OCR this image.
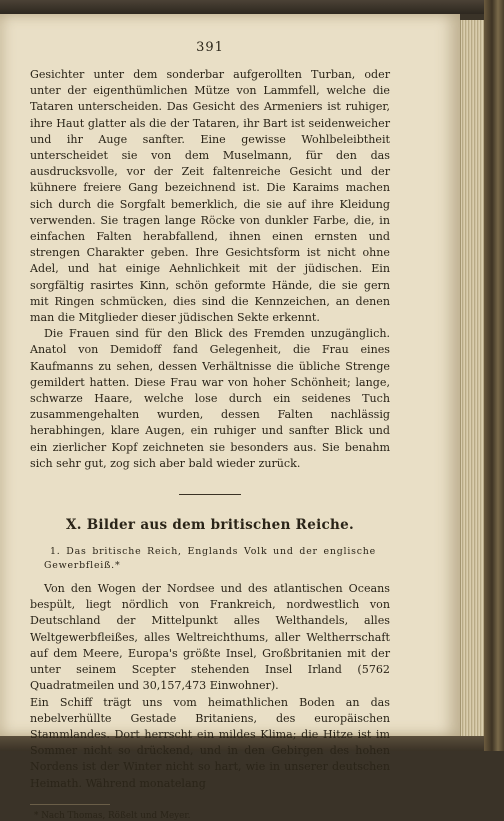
391

Gesichter unter dem sonderbar aufgerollten Turban, oder unter der eigenthümlichen Mütze von Lammfell, welche die Tataren unterscheiden. Das Gesicht des Armeniers ist ruhiger, ihre Haut glatter als die der Tataren, ihr Bart ist seidenweicher und ihr Auge sanfter. Eine gewisse Wohlbeleibtheit unterscheidet sie von dem Muselmann, für den das ausdrucksvolle, vor der Zeit faltenreiche Gesicht und der kühnere freiere Gang bezeichnend ist. Die Karaims machen sich durch die Sorgfalt bemerklich, die sie auf ihre Kleidung verwenden. Sie tragen lange Röcke von dunkler Farbe, die, in einfachen Falten herabfallend, ihnen einen ernsten und strengen Charakter geben. Ihre Gesichtsform ist nicht ohne Adel, und hat einige Aehnlichkeit mit der jüdischen. Ein sorgfältig rasirtes Kinn, schön geformte Hände, die sie gern mit Ringen schmücken, dies sind die Kennzeichen, an denen man die Mitglieder dieser jüdischen Sekte erkennt.

Die Frauen sind für den Blick des Fremden unzugänglich. Anatol von Demidoff fand Gelegenheit, die Frau eines Kaufmanns zu sehen, dessen Verhältnisse die übliche Strenge gemildert hatten. Diese Frau war von hoher Schönheit; lange, schwarze Haare, welche lose durch ein seidenes Tuch zusammengehalten wurden, dessen Falten nachlässig herabhingen, klare Augen, ein ruhiger und sanfter Blick und ein zierlicher Kopf zeichneten sie besonders aus. Sie benahm sich sehr gut, zog sich aber bald wieder zurück.

X. Bilder aus dem britischen Reiche.

1. Das britische Reich, Englands Volk und der englische Gewerbfleiß.*

Von den Wogen der Nordsee und des atlantischen Oceans bespült, liegt nördlich von Frankreich, nordwestlich von Deutschland der Mittelpunkt alles Welthandels, alles Weltgewerbfleißes, alles Weltreichthums, aller Weltherrschaft auf dem Meere, Europa's größte Insel, Großbritanien mit der unter seinem Scepter stehenden Insel Irland (5762 Quadratmeilen und 30,157,473 Einwohner).

Ein Schiff trägt uns vom heimathlichen Boden an das nebelverhüllte Gestade Britaniens, des europäischen Stammlandes. Dort herrscht ein mildes Klima; die Hitze ist im Sommer nicht so drückend, und in den Gebirgen des hohen Nordens ist der Winter nicht so hart, wie in unserer deutschen Heimath. Während monatelang

* Nach Thomas, Rößelt und Meyer.
